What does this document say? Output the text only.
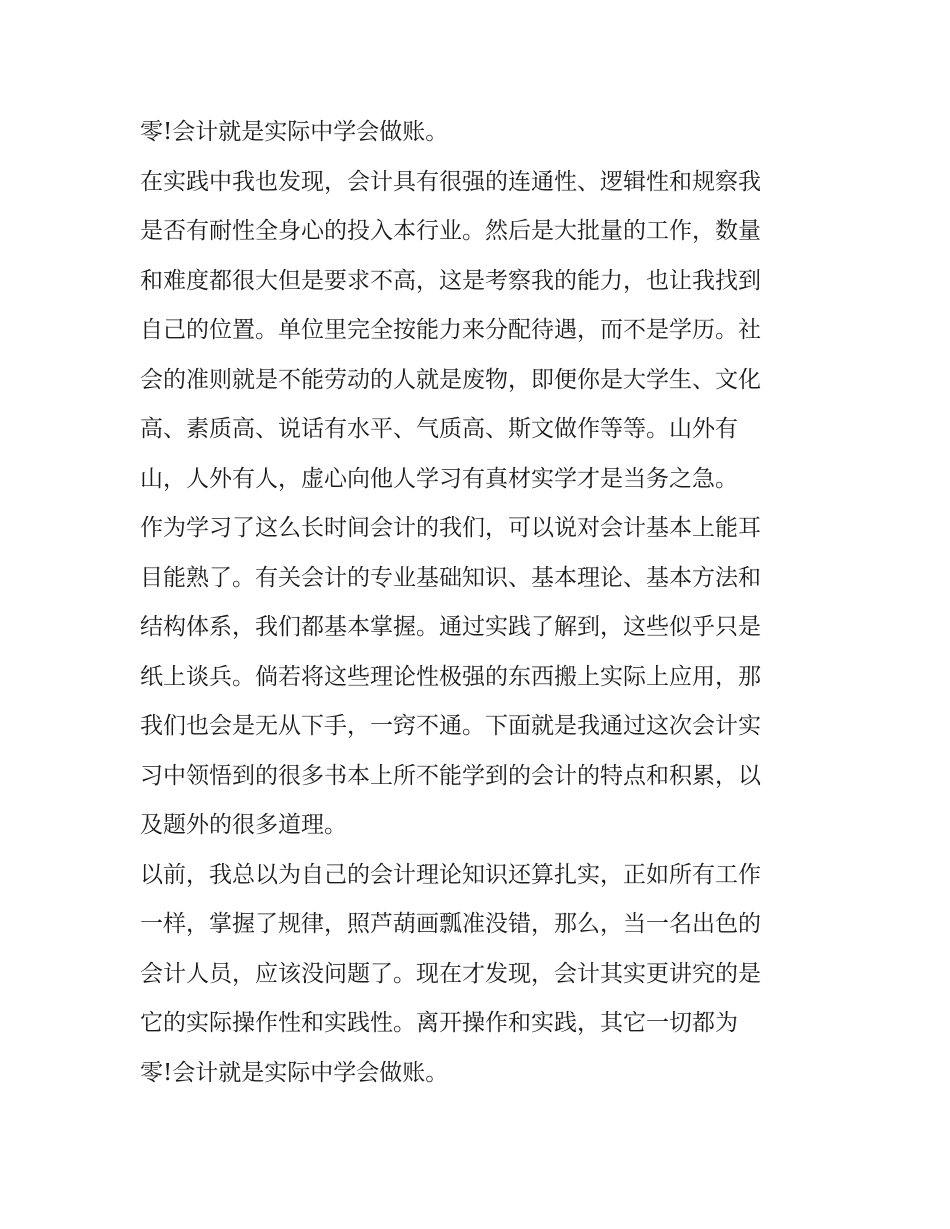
零!会计就是实际中学会做账。
在实践中我也发现，会计具有很强的连通性、逻辑性和规察我
是否有耐性全身心的投入本行业。然后是大批量的工作，数量
和难度都很大但是要求不高，这是考察我的能力，也让我找到
自己的位置。单位里完全按能力来分配待遇，而不是学历。社
会的准则就是不能劳动的人就是废物，即便你是大学生、文化
高、素质高、说话有水平、气质高、斯文做作等等。山外有
山，人外有人，虚心向他人学习有真材实学才是当务之急。
作为学习了这么长时间会计的我们，可以说对会计基本上能耳
目能熟了。有关会计的专业基础知识、基本理论、基本方法和
结构体系，我们都基本掌握。通过实践了解到，这些似乎只是
纸上谈兵。倘若将这些理论性极强的东西搬上实际上应用，那
我们也会是无从下手，一窍不通。下面就是我通过这次会计实
习中领悟到的很多书本上所不能学到的会计的特点和积累，以
及题外的很多道理。
以前，我总以为自己的会计理论知识还算扎实，正如所有工作
一样，掌握了规律，照芦葫画瓢准没错，那么，当一名出色的
会计人员，应该没问题了。现在才发现，会计其实更讲究的是
它的实际操作性和实践性。离开操作和实践，其它一切都为
零!会计就是实际中学会做账。
